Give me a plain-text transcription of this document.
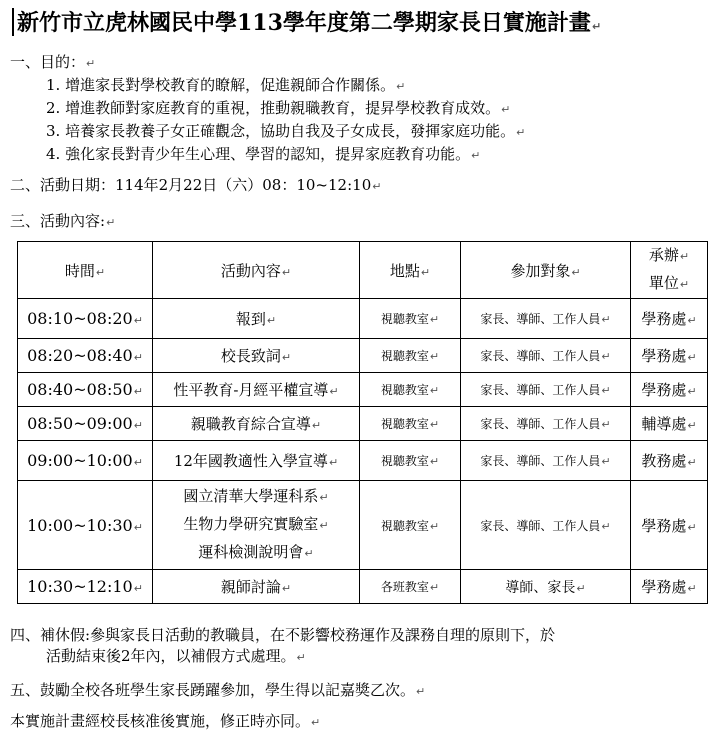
新竹市立虎林國民中學113學年度第二學期家長日實施計畫↵
一、目的：↵
1. 增進家長對學校教育的瞭解，促進親師合作關係。↵
2. 增進教師對家庭教育的重視，推動親職教育，提昇學校教育成效。↵
3. 培養家長教養子女正確觀念，協助自我及子女成長，發揮家庭功能。↵
4. 強化家長對青少年生心理、學習的認知，提昇家庭教育功能。↵
二、活動日期：114年2月22日（六）08：10~12:10↵
三、活動內容:↵
時間↵	活動內容↵	地點↵	參加對象↵	承辦↵
單位↵

08:10~08:20↵	報到↵	視聽教室↵	家長、導師、工作人員↵	學務處↵
08:20~08:40↵	校長致詞↵	視聽教室↵	家長、導師、工作人員↵	學務處↵
08:40~08:50↵	性平教育-月經平權宣導↵	視聽教室↵	家長、導師、工作人員↵	學務處↵
08:50~09:00↵	親職教育綜合宣導↵	視聽教室↵	家長、導師、工作人員↵	輔導處↵
09:00~10:00↵	12年國教適性入學宣導↵	視聽教室↵	家長、導師、工作人員↵	教務處↵
10:00~10:30↵	國立清華大學運科系↵
生物力學研究實驗室↵
運科檢測說明會↵	視聽教室↵	家長、導師、工作人員↵	學務處↵
10:30~12:10↵	親師討論↵	各班教室↵	導師、家長↵	學務處↵
四、補休假:參與家長日活動的教職員，在不影響校務運作及課務自理的原則下，於
活動結束後2年內，以補假方式處理。↵
五、鼓勵全校各班學生家長踴躍參加，學生得以記嘉獎乙次。↵
本實施計畫經校長核准後實施，修正時亦同。↵
